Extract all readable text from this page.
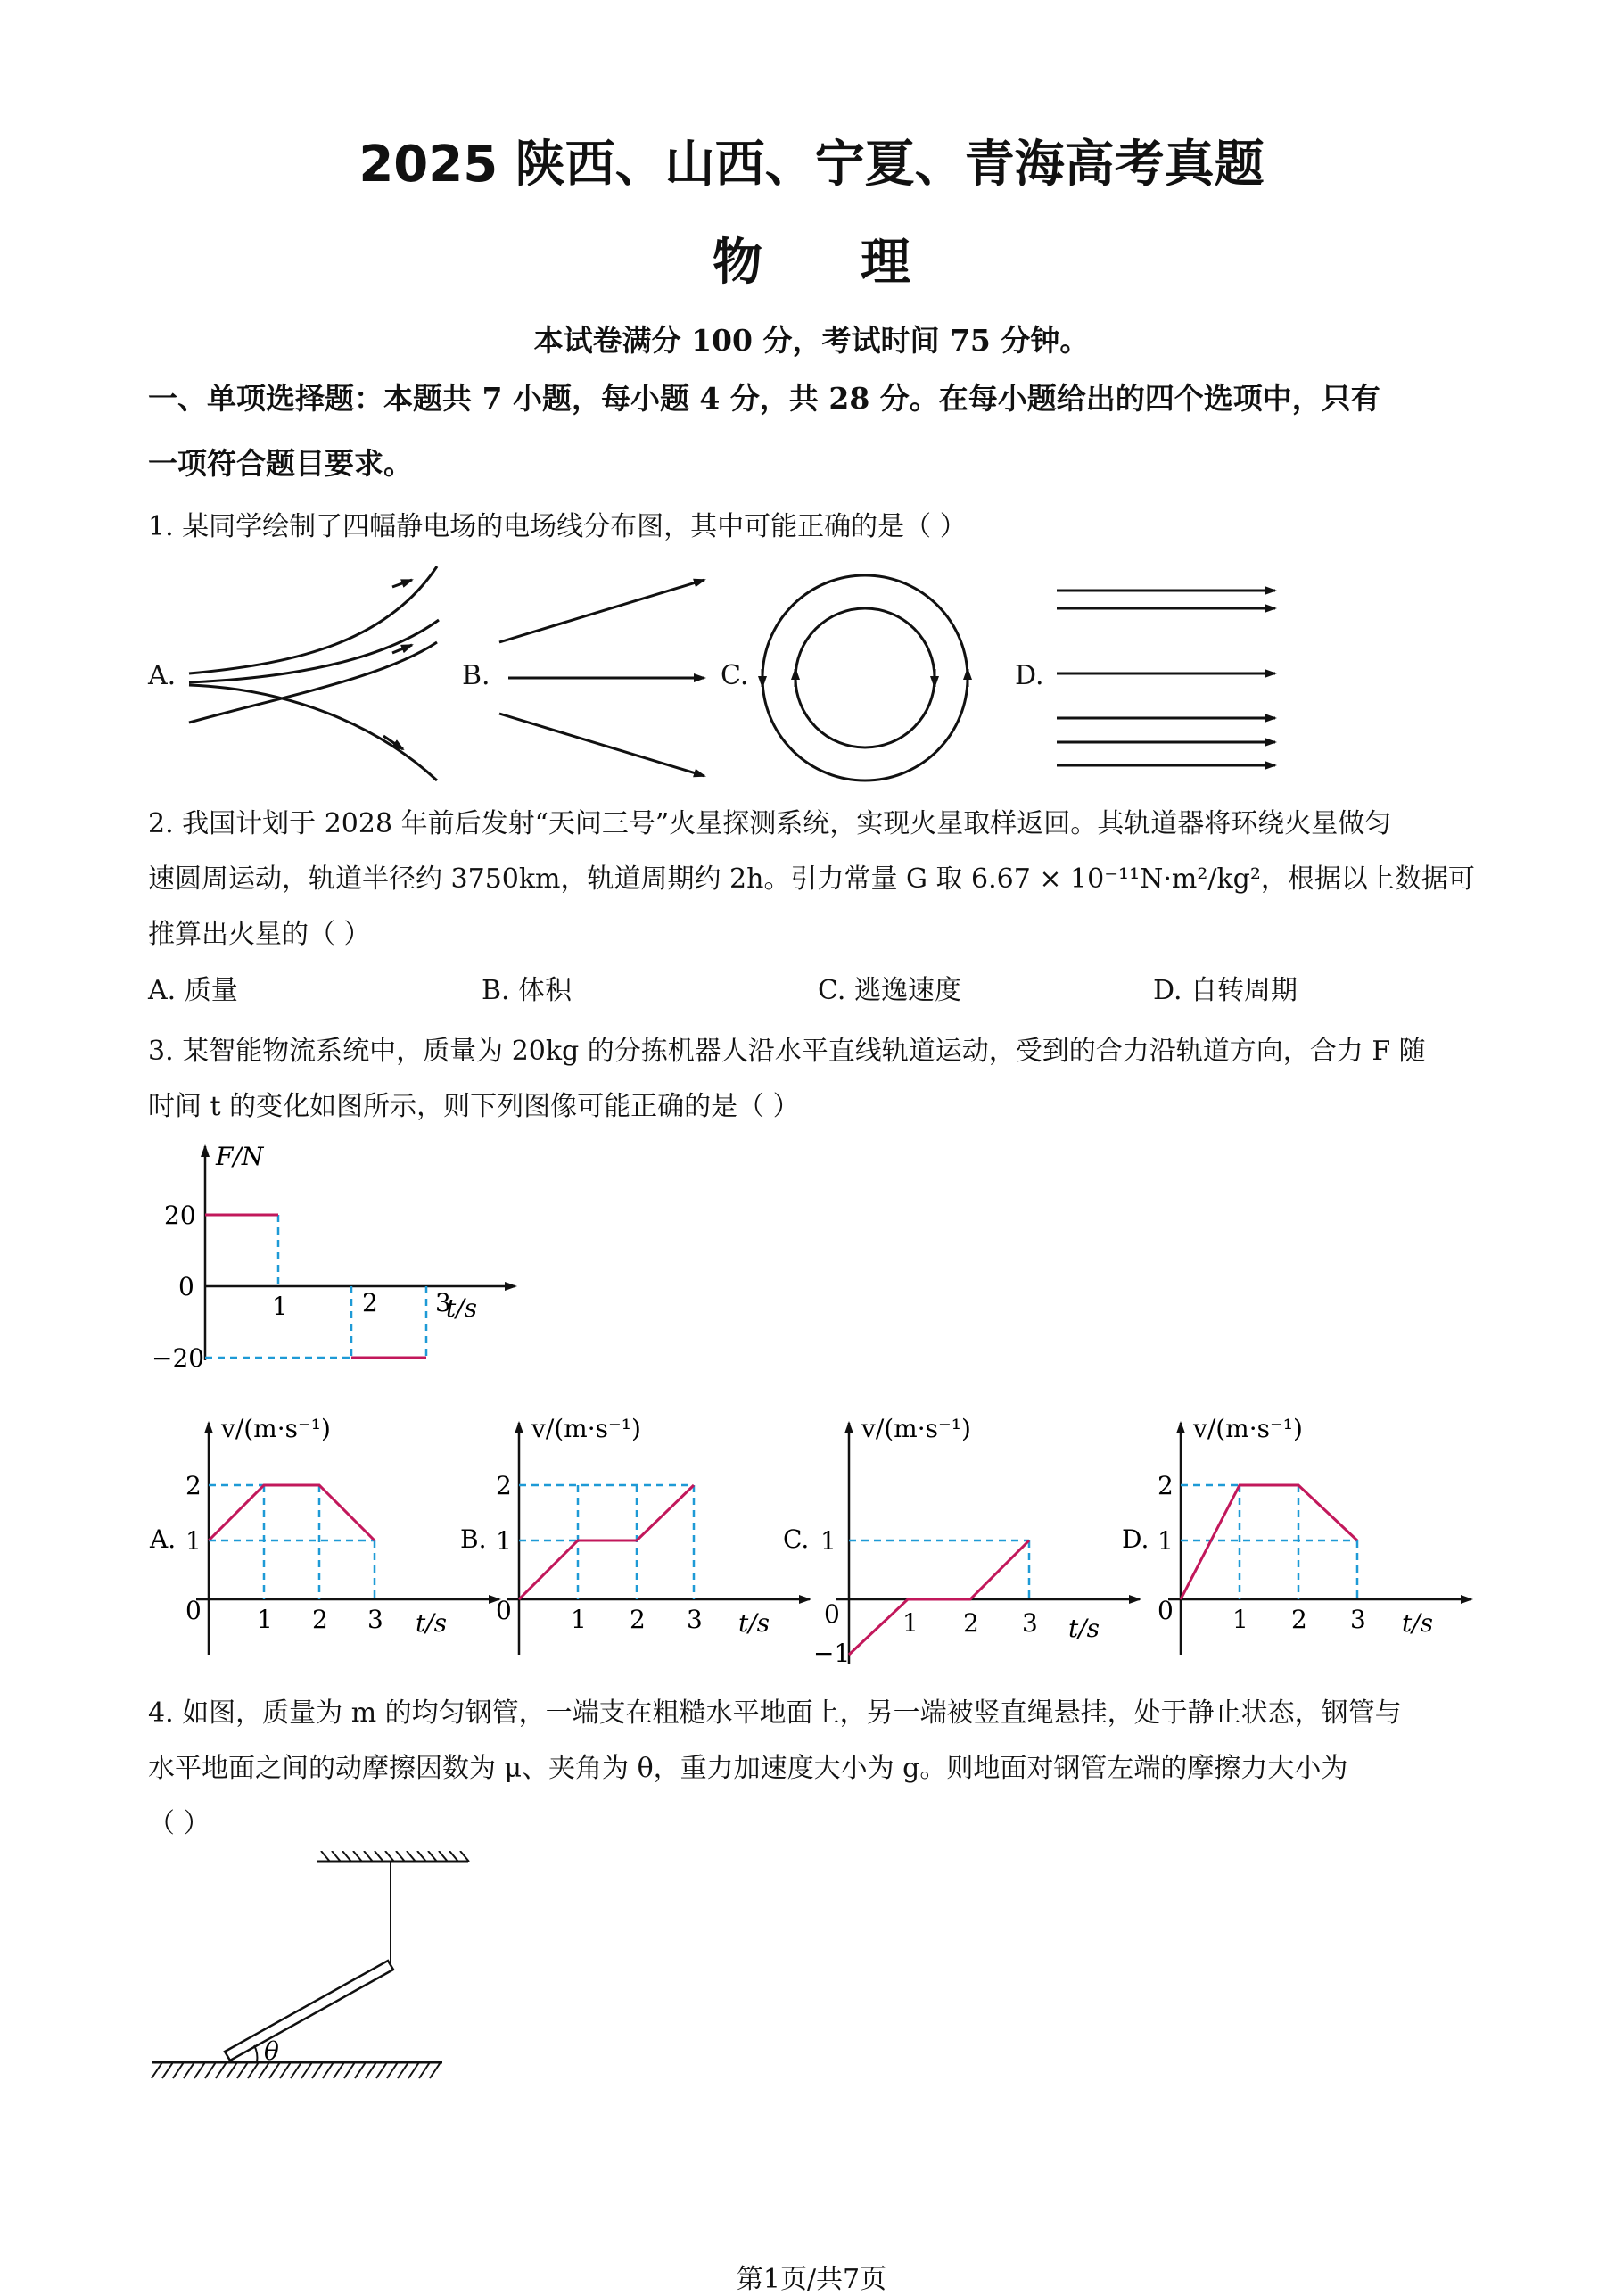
2025 陕西、山西、宁夏、青海高考真题
物理
本试卷满分 100 分，考试时间 75 分钟。
一、单项选择题：本题共 7 小题，每小题 4 分，共 28 分。在每小题给出的四个选项中，只有
一项符合题目要求。
1. 某同学绘制了四幅静电场的电场线分布图，其中可能正确的是（ ）
A.	B.	C.	D.
2. 我国计划于 2028 年前后发射“天问三号”火星探测系统，实现火星取样返回。其轨道器将环绕火星做匀
速圆周运动，轨道半径约 3750km，轨道周期约 2h。引力常量 G 取 6.67 × 10⁻¹¹N·m²/kg²，根据以上数据可
推算出火星的（ ）
A. 质量	B. 体积	C. 逃逸速度	D. 自转周期
3. 某智能物流系统中，质量为 20kg 的分拣机器人沿水平直线轨道运动，受到的合力沿轨道方向，合力 F 随
时间 t 的变化如图所示，则下列图像可能正确的是（ ）
F/N
t/s
20
0
−20
1	2 3
A.
v/(m·s⁻¹)
t/s
2
1
0 1 2 3
B.
v/(m·s⁻¹)
t/s
2
1
0 1 2 3
C.
v/(m·s⁻¹)
t/s
1
0
−1
1 2 3
D.
v/(m·s⁻¹)
t/s
2
1
0 1 2 3
4. 如图，质量为 m 的均匀钢管，一端支在粗糙水平地面上，另一端被竖直绳悬挂，处于静止状态，钢管与
水平地面之间的动摩擦因数为 μ、夹角为 θ，重力加速度大小为 g。则地面对钢管左端的摩擦力大小为
（ ）
θ
第1页/共7页
